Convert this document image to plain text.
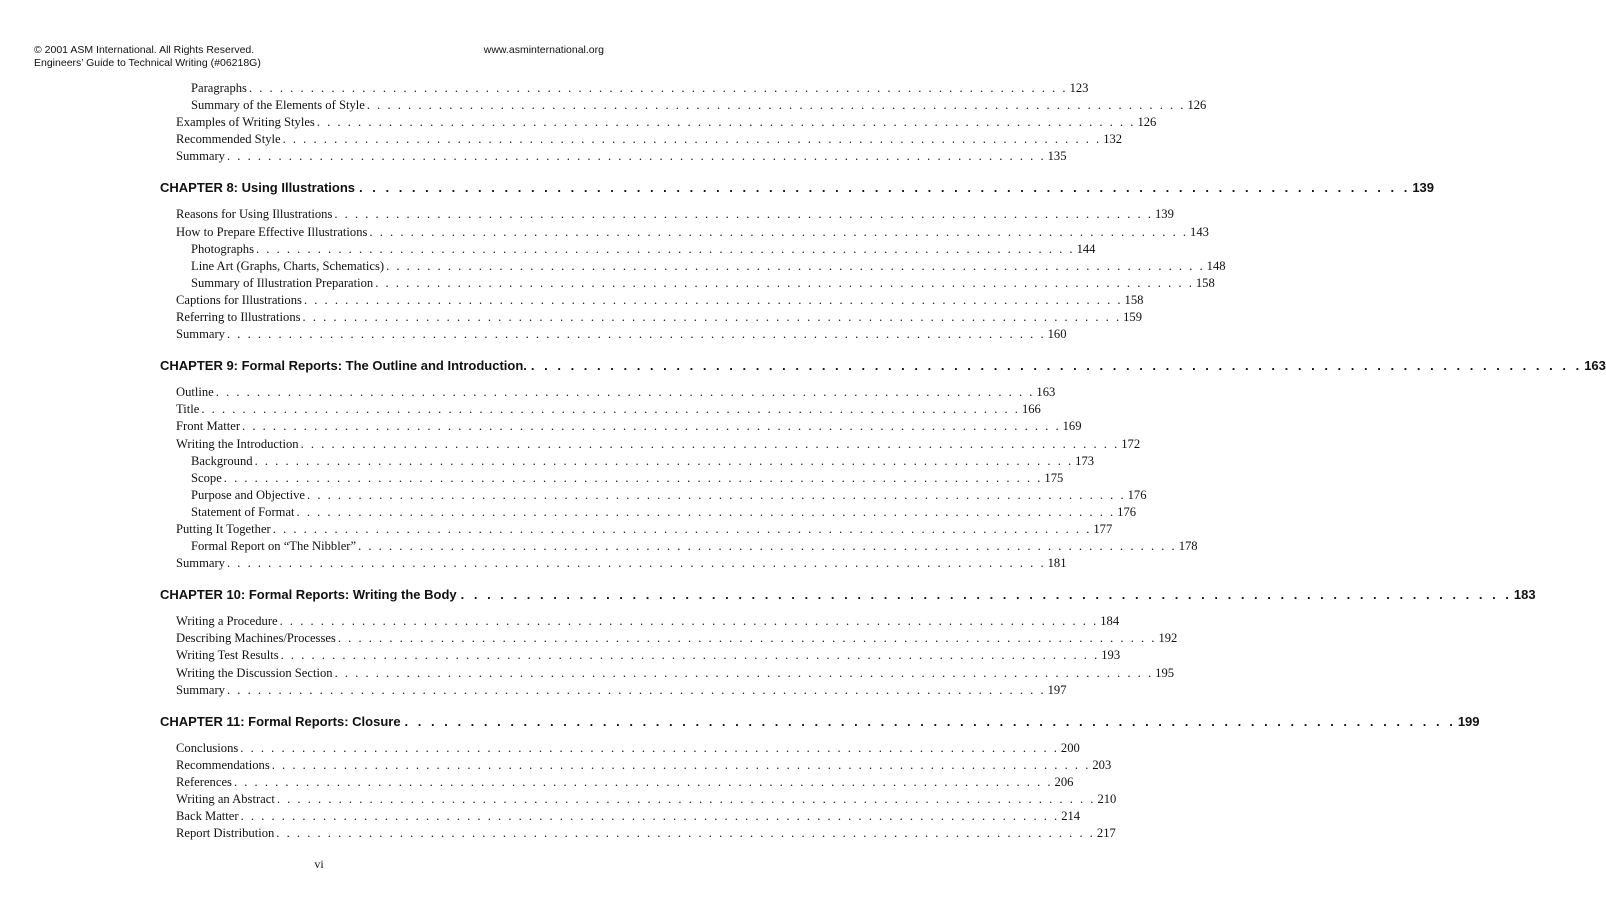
© 2001 ASM International. All Rights Reserved.	www.asminternational.org
Engineers’ Guide to Technical Writing (#06218G)
Paragraphs . . . . . . . . . . . . . . . . . . . . . . . . . . . . . . . . . . . . . . . . . . . . . . . . . . . . . . . . . . . . . . . . . . . . . . . . . . . . . . . . 123
Summary of the Elements of Style . . . . . . . . . . . . . . . . . . . . . . . . . . . . . . . . . . . . . . . . . . . . . . . . . . . . . . . . . . . . . . . . . . . . . . . . . . . . . . . . 126
Examples of Writing Styles . . . . . . . . . . . . . . . . . . . . . . . . . . . . . . . . . . . . . . . . . . . . . . . . . . . . . . . . . . . . . . . . . . . . . . . . . . . . . . . . 126
Recommended Style . . . . . . . . . . . . . . . . . . . . . . . . . . . . . . . . . . . . . . . . . . . . . . . . . . . . . . . . . . . . . . . . . . . . . . . . . . . . . . . . 132
Summary . . . . . . . . . . . . . . . . . . . . . . . . . . . . . . . . . . . . . . . . . . . . . . . . . . . . . . . . . . . . . . . . . . . . . . . . . . . . . . . . 135
CHAPTER 8: Using Illustrations . . . . . . . . . . . . . . . . . . . . . . . . . . . . . . . . . . . . . . . . . . . . . . . . . . . . . . . . . . . . . . . . . . . . . . . . . . . . . . . . 139
Reasons for Using Illustrations . . . . . . . . . . . . . . . . . . . . . . . . . . . . . . . . . . . . . . . . . . . . . . . . . . . . . . . . . . . . . . . . . . . . . . . . . . . . . . . . 139
How to Prepare Effective Illustrations . . . . . . . . . . . . . . . . . . . . . . . . . . . . . . . . . . . . . . . . . . . . . . . . . . . . . . . . . . . . . . . . . . . . . . . . . . . . . . . . 143
Photographs . . . . . . . . . . . . . . . . . . . . . . . . . . . . . . . . . . . . . . . . . . . . . . . . . . . . . . . . . . . . . . . . . . . . . . . . . . . . . . . . 144
Line Art (Graphs, Charts, Schematics) . . . . . . . . . . . . . . . . . . . . . . . . . . . . . . . . . . . . . . . . . . . . . . . . . . . . . . . . . . . . . . . . . . . . . . . . . . . . . . . . 148
Summary of Illustration Preparation . . . . . . . . . . . . . . . . . . . . . . . . . . . . . . . . . . . . . . . . . . . . . . . . . . . . . . . . . . . . . . . . . . . . . . . . . . . . . . . . 158
Captions for Illustrations . . . . . . . . . . . . . . . . . . . . . . . . . . . . . . . . . . . . . . . . . . . . . . . . . . . . . . . . . . . . . . . . . . . . . . . . . . . . . . . . 158
Referring to Illustrations . . . . . . . . . . . . . . . . . . . . . . . . . . . . . . . . . . . . . . . . . . . . . . . . . . . . . . . . . . . . . . . . . . . . . . . . . . . . . . . . 159
Summary . . . . . . . . . . . . . . . . . . . . . . . . . . . . . . . . . . . . . . . . . . . . . . . . . . . . . . . . . . . . . . . . . . . . . . . . . . . . . . . . 160
CHAPTER 9: Formal Reports: The Outline and Introduction. . . . . . . . . . . . . . . . . . . . . . . . . . . . . . . . . . . . . . . . . . . . . . . . . . . . . . . . . . . . . . . . . . . . . . . . . . . . . . . . . 163
Outline . . . . . . . . . . . . . . . . . . . . . . . . . . . . . . . . . . . . . . . . . . . . . . . . . . . . . . . . . . . . . . . . . . . . . . . . . . . . . . . . 163
Title . . . . . . . . . . . . . . . . . . . . . . . . . . . . . . . . . . . . . . . . . . . . . . . . . . . . . . . . . . . . . . . . . . . . . . . . . . . . . . . . 166
Front Matter . . . . . . . . . . . . . . . . . . . . . . . . . . . . . . . . . . . . . . . . . . . . . . . . . . . . . . . . . . . . . . . . . . . . . . . . . . . . . . . . 169
Writing the Introduction . . . . . . . . . . . . . . . . . . . . . . . . . . . . . . . . . . . . . . . . . . . . . . . . . . . . . . . . . . . . . . . . . . . . . . . . . . . . . . . . 172
Background . . . . . . . . . . . . . . . . . . . . . . . . . . . . . . . . . . . . . . . . . . . . . . . . . . . . . . . . . . . . . . . . . . . . . . . . . . . . . . . . 173
Scope . . . . . . . . . . . . . . . . . . . . . . . . . . . . . . . . . . . . . . . . . . . . . . . . . . . . . . . . . . . . . . . . . . . . . . . . . . . . . . . . 175
Purpose and Objective . . . . . . . . . . . . . . . . . . . . . . . . . . . . . . . . . . . . . . . . . . . . . . . . . . . . . . . . . . . . . . . . . . . . . . . . . . . . . . . . 176
Statement of Format . . . . . . . . . . . . . . . . . . . . . . . . . . . . . . . . . . . . . . . . . . . . . . . . . . . . . . . . . . . . . . . . . . . . . . . . . . . . . . . . 176
Putting It Together . . . . . . . . . . . . . . . . . . . . . . . . . . . . . . . . . . . . . . . . . . . . . . . . . . . . . . . . . . . . . . . . . . . . . . . . . . . . . . . . 177
Formal Report on “The Nibbler” . . . . . . . . . . . . . . . . . . . . . . . . . . . . . . . . . . . . . . . . . . . . . . . . . . . . . . . . . . . . . . . . . . . . . . . . . . . . . . . . 178
Summary . . . . . . . . . . . . . . . . . . . . . . . . . . . . . . . . . . . . . . . . . . . . . . . . . . . . . . . . . . . . . . . . . . . . . . . . . . . . . . . . 181
CHAPTER 10: Formal Reports: Writing the Body . . . . . . . . . . . . . . . . . . . . . . . . . . . . . . . . . . . . . . . . . . . . . . . . . . . . . . . . . . . . . . . . . . . . . . . . . . . . . . . . 183
Writing a Procedure . . . . . . . . . . . . . . . . . . . . . . . . . . . . . . . . . . . . . . . . . . . . . . . . . . . . . . . . . . . . . . . . . . . . . . . . . . . . . . . . 184
Describing Machines/Processes . . . . . . . . . . . . . . . . . . . . . . . . . . . . . . . . . . . . . . . . . . . . . . . . . . . . . . . . . . . . . . . . . . . . . . . . . . . . . . . . 192
Writing Test Results . . . . . . . . . . . . . . . . . . . . . . . . . . . . . . . . . . . . . . . . . . . . . . . . . . . . . . . . . . . . . . . . . . . . . . . . . . . . . . . . 193
Writing the Discussion Section . . . . . . . . . . . . . . . . . . . . . . . . . . . . . . . . . . . . . . . . . . . . . . . . . . . . . . . . . . . . . . . . . . . . . . . . . . . . . . . . 195
Summary . . . . . . . . . . . . . . . . . . . . . . . . . . . . . . . . . . . . . . . . . . . . . . . . . . . . . . . . . . . . . . . . . . . . . . . . . . . . . . . . 197
CHAPTER 11: Formal Reports: Closure . . . . . . . . . . . . . . . . . . . . . . . . . . . . . . . . . . . . . . . . . . . . . . . . . . . . . . . . . . . . . . . . . . . . . . . . . . . . . . . . 199
Conclusions . . . . . . . . . . . . . . . . . . . . . . . . . . . . . . . . . . . . . . . . . . . . . . . . . . . . . . . . . . . . . . . . . . . . . . . . . . . . . . . . 200
Recommendations . . . . . . . . . . . . . . . . . . . . . . . . . . . . . . . . . . . . . . . . . . . . . . . . . . . . . . . . . . . . . . . . . . . . . . . . . . . . . . . . 203
References . . . . . . . . . . . . . . . . . . . . . . . . . . . . . . . . . . . . . . . . . . . . . . . . . . . . . . . . . . . . . . . . . . . . . . . . . . . . . . . . 206
Writing an Abstract . . . . . . . . . . . . . . . . . . . . . . . . . . . . . . . . . . . . . . . . . . . . . . . . . . . . . . . . . . . . . . . . . . . . . . . . . . . . . . . . 210
Back Matter . . . . . . . . . . . . . . . . . . . . . . . . . . . . . . . . . . . . . . . . . . . . . . . . . . . . . . . . . . . . . . . . . . . . . . . . . . . . . . . . 214
Report Distribution . . . . . . . . . . . . . . . . . . . . . . . . . . . . . . . . . . . . . . . . . . . . . . . . . . . . . . . . . . . . . . . . . . . . . . . . . . . . . . . . 217
vi
